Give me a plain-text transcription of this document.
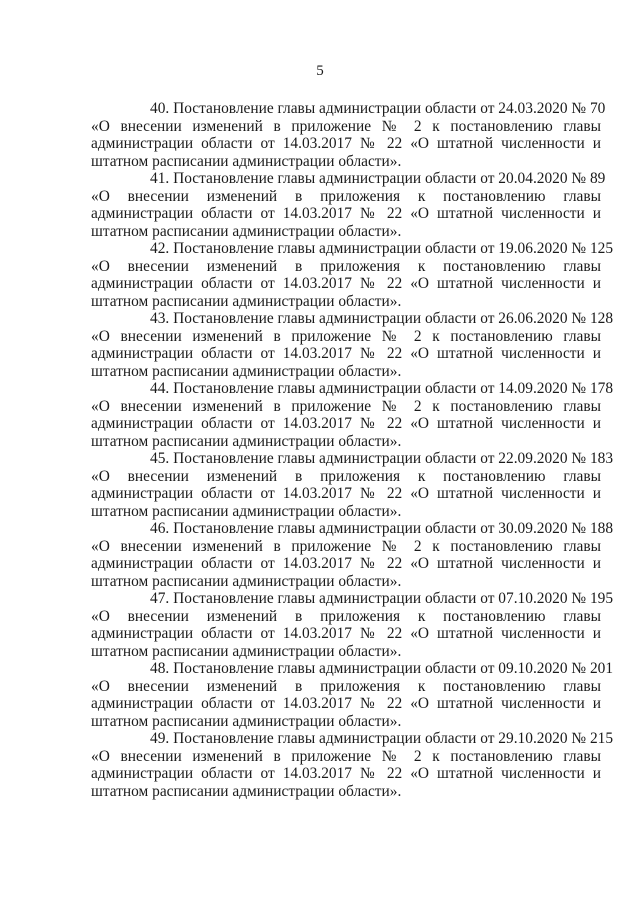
5

40. Постановление главы администрации области от 24.03.2020 № 70
«О внесении изменений в приложение № 2 к постановлению главы
администрации области от 14.03.2017 № 22 «О штатной численности и
штатном расписании администрации области».

41. Постановление главы администрации области от 20.04.2020 № 89
«О внесении изменений в приложения к постановлению главы
администрации области от 14.03.2017 № 22 «О штатной численности и
штатном расписании администрации области».

42. Постановление главы администрации области от 19.06.2020 № 125
«О внесении изменений в приложения к постановлению главы
администрации области от 14.03.2017 № 22 «О штатной численности и
штатном расписании администрации области».

43. Постановление главы администрации области от 26.06.2020 № 128
«О внесении изменений в приложение № 2 к постановлению главы
администрации области от 14.03.2017 № 22 «О штатной численности и
штатном расписании администрации области».

44. Постановление главы администрации области от 14.09.2020 № 178
«О внесении изменений в приложение № 2 к постановлению главы
администрации области от 14.03.2017 № 22 «О штатной численности и
штатном расписании администрации области».

45. Постановление главы администрации области от 22.09.2020 № 183
«О внесении изменений в приложения к постановлению главы
администрации области от 14.03.2017 № 22 «О штатной численности и
штатном расписании администрации области».

46. Постановление главы администрации области от 30.09.2020 № 188
«О внесении изменений в приложение № 2 к постановлению главы
администрации области от 14.03.2017 № 22 «О штатной численности и
штатном расписании администрации области».

47. Постановление главы администрации области от 07.10.2020 № 195
«О внесении изменений в приложения к постановлению главы
администрации области от 14.03.2017 № 22 «О штатной численности и
штатном расписании администрации области».

48. Постановление главы администрации области от 09.10.2020 № 201
«О внесении изменений в приложения к постановлению главы
администрации области от 14.03.2017 № 22 «О штатной численности и
штатном расписании администрации области».

49. Постановление главы администрации области от 29.10.2020 № 215
«О внесении изменений в приложение № 2 к постановлению главы
администрации области от 14.03.2017 № 22 «О штатной численности и
штатном расписании администрации области».
